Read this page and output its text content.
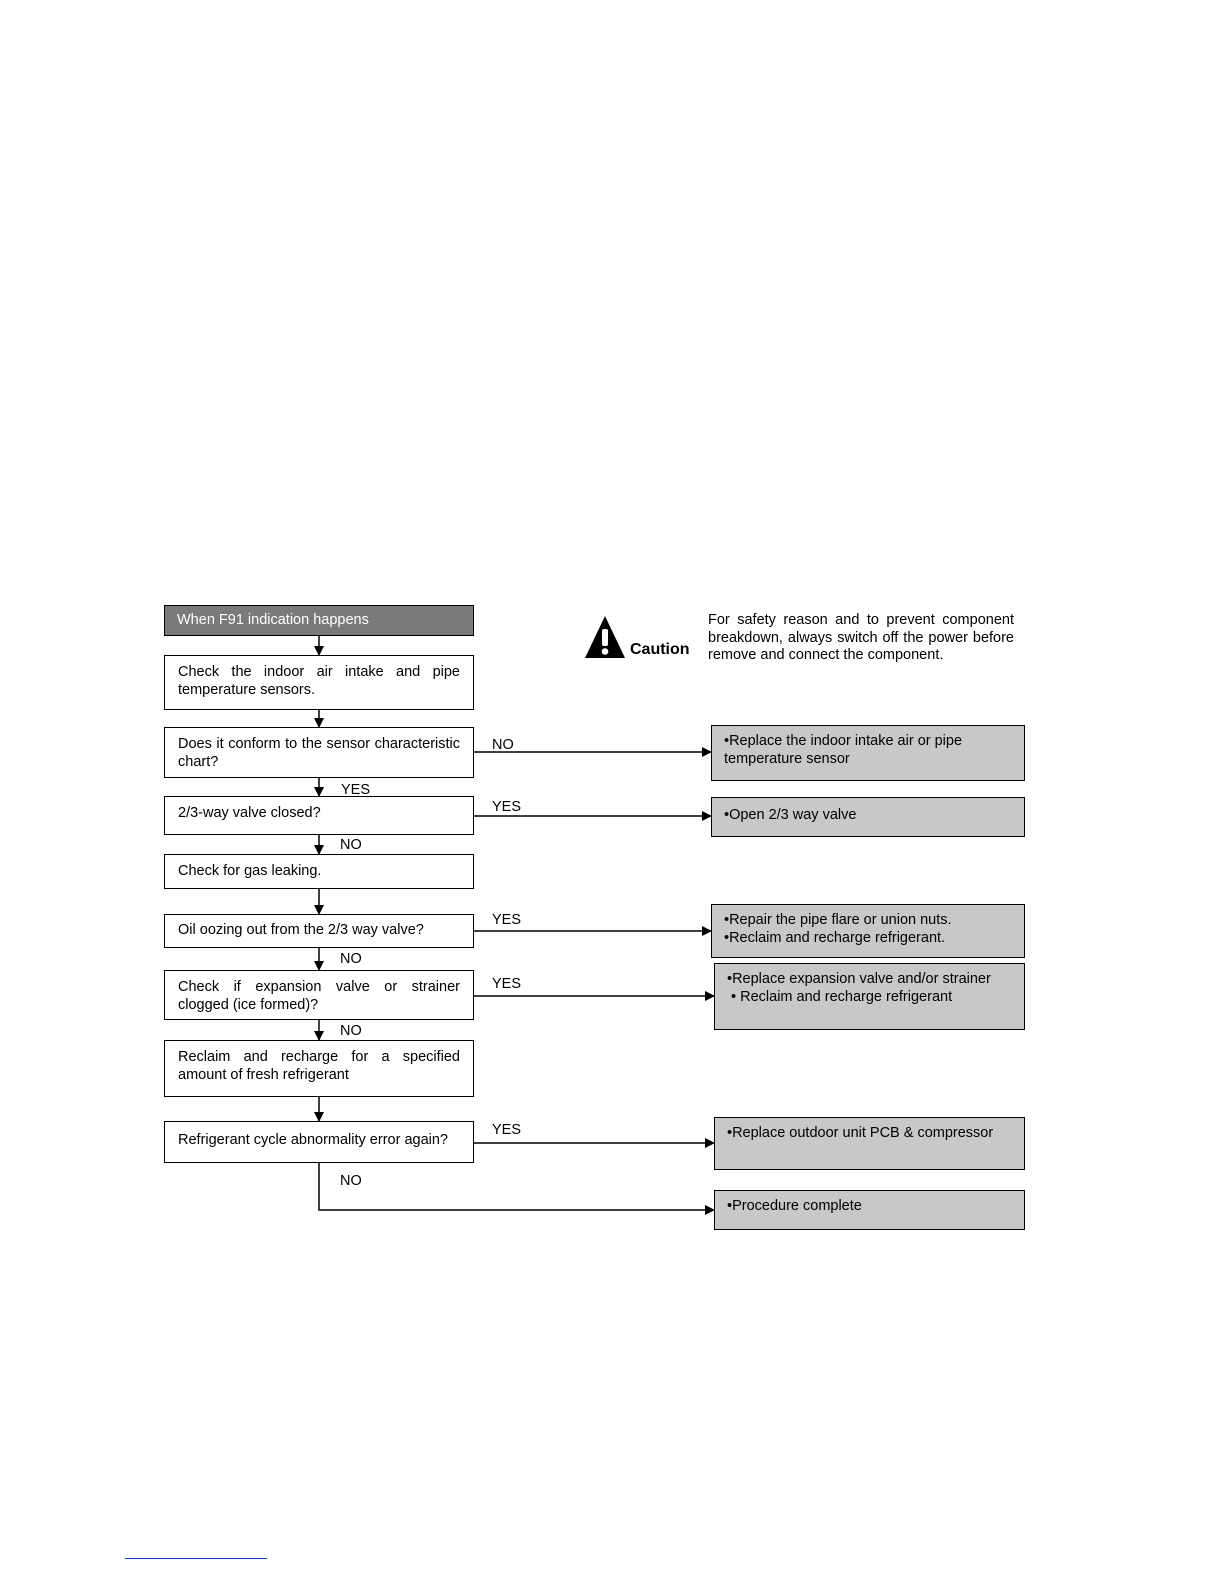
When F91 indication happens
Check the indoor air intake and pipe temperature sensors.
Does it conform to the sensor characteristic chart?
2/3-way valve closed?
Check for gas leaking.
Oil oozing out from the 2/3 way valve?
Check if expansion valve or strainer clogged (ice formed)?
Reclaim and recharge for a specified amount of fresh refrigerant
Refrigerant cycle abnormality error again?
•Replace the indoor intake air or pipe
temperature sensor
•Open 2/3 way valve
•Repair the pipe flare or union nuts.
•Reclaim and recharge refrigerant.
•Replace expansion valve and/or strainer
• Reclaim and recharge refrigerant
•Replace outdoor unit PCB & compressor
•Procedure complete
NO
YES
YES
NO
YES
NO
YES
NO
YES
NO
Caution
For safety reason and to prevent component breakdown, always switch off the power before remove and connect the component.
